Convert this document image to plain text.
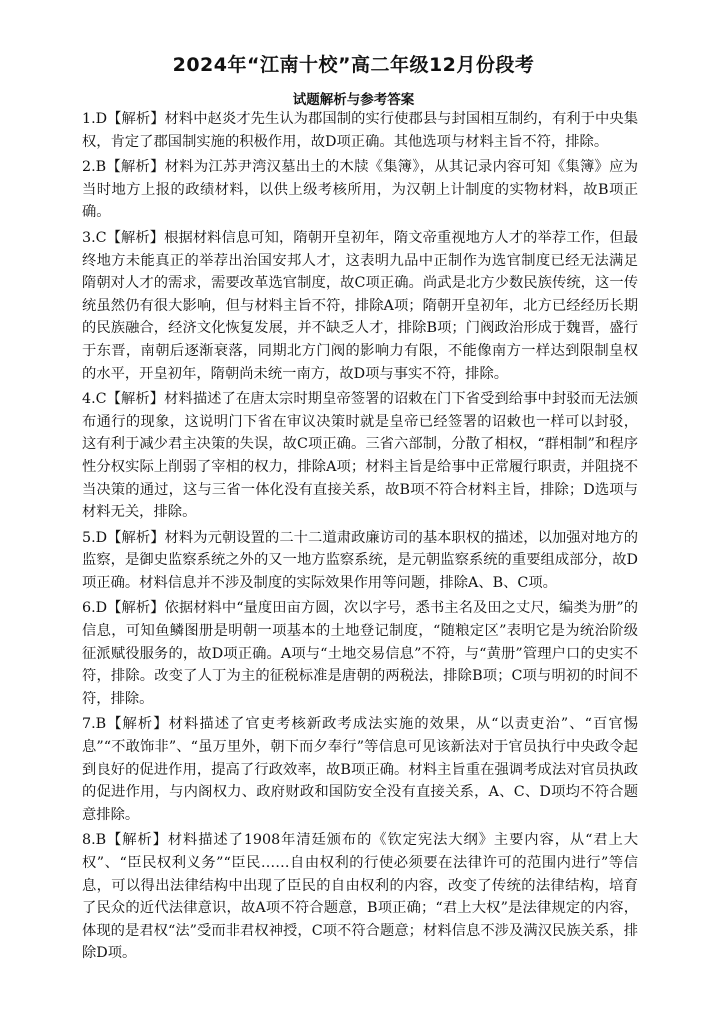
2024年“江南十校”高二年级12月份段考
试题解析与参考答案

1.D【解析】材料中赵炎才先生认为郡国制的实行使郡县与封国相互制约，有利于中央集权，肯定了郡国制实施的积极作用，故D项正确。其他选项与材料主旨不符，排除。

2.B【解析】材料为江苏尹湾汉墓出土的木牍《集簿》，从其记录内容可知《集簿》应为当时地方上报的政绩材料，以供上级考核所用，为汉朝上计制度的实物材料，故B项正确。

3.C【解析】根据材料信息可知，隋朝开皇初年，隋文帝重视地方人才的举荐工作，但最终地方未能真正的举荐出治国安邦人才，这表明九品中正制作为选官制度已经无法满足隋朝对人才的需求，需要改革选官制度，故C项正确。尚武是北方少数民族传统，这一传统虽然仍有很大影响，但与材料主旨不符，排除A项；隋朝开皇初年，北方已经经历长期的民族融合，经济文化恢复发展，并不缺乏人才，排除B项；门阀政治形成于魏晋，盛行于东晋，南朝后逐渐衰落，同期北方门阀的影响力有限，不能像南方一样达到限制皇权的水平，开皇初年，隋朝尚未统一南方，故D项与事实不符，排除。

4.C【解析】材料描述了在唐太宗时期皇帝签署的诏敕在门下省受到给事中封驳而无法颁布通行的现象，这说明门下省在审议决策时就是皇帝已经签署的诏敕也一样可以封驳，这有利于减少君主决策的失误，故C项正确。三省六部制，分散了相权，“群相制”和程序性分权实际上削弱了宰相的权力，排除A项；材料主旨是给事中正常履行职责，并阻挠不当决策的通过，这与三省一体化没有直接关系，故B项不符合材料主旨，排除；D选项与材料无关，排除。

5.D【解析】材料为元朝设置的二十二道肃政廉访司的基本职权的描述，以加强对地方的监察，是御史监察系统之外的又一地方监察系统，是元朝监察系统的重要组成部分，故D项正确。材料信息并不涉及制度的实际效果作用等问题，排除A、B、C项。

6.D【解析】依据材料中“量度田亩方圆，次以字号，悉书主名及田之丈尺，编类为册”的信息，可知鱼鳞图册是明朝一项基本的土地登记制度，“随粮定区”表明它是为统治阶级征派赋役服务的，故D项正确。A项与“土地交易信息”不符，与“黄册”管理户口的史实不符，排除。改变了人丁为主的征税标准是唐朝的两税法，排除B项；C项与明初的时间不符，排除。

7.B【解析】材料描述了官吏考核新政考成法实施的效果，从“以责吏治”、“百官惕息”“不敢饰非”、“虽万里外，朝下而夕奉行”等信息可见该新法对于官员执行中央政令起到良好的促进作用，提高了行政效率，故B项正确。材料主旨重在强调考成法对官员执政的促进作用，与内阁权力、政府财政和国防安全没有直接关系，A、C、D项均不符合题意排除。

8.B【解析】材料描述了1908年清廷颁布的《钦定宪法大纲》主要内容，从“君上大权”、“臣民权利义务”“臣民……自由权利的行使必须要在法律许可的范围内进行”等信息，可以得出法律结构中出现了臣民的自由权利的内容，改变了传统的法律结构，培育了民众的近代法律意识，故A项不符合题意，B项正确；“君上大权”是法律规定的内容，体现的是君权“法”受而非君权神授，C项不符合题意；材料信息不涉及满汉民族关系，排除D项。
